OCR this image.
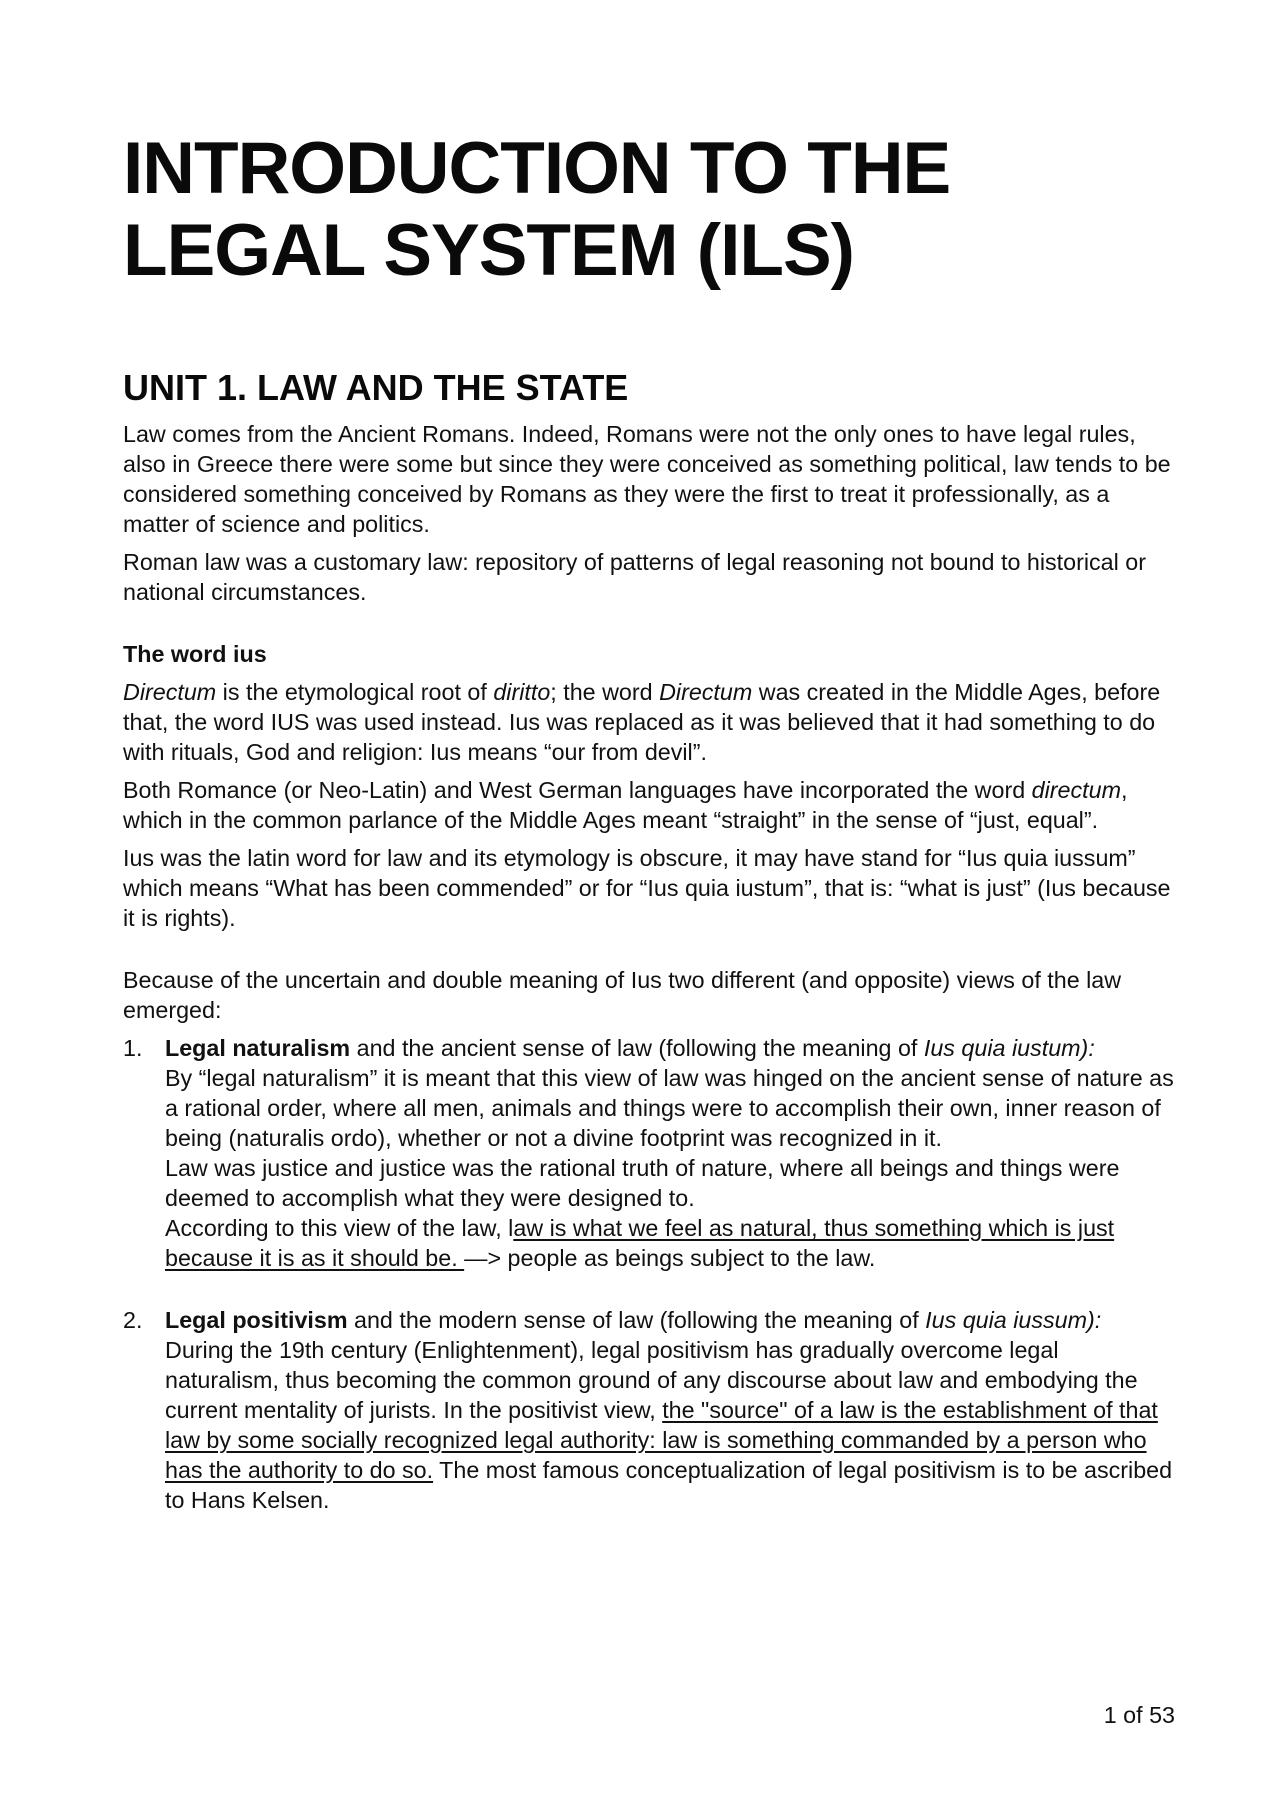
INTRODUCTION TO THE LEGAL SYSTEM (ILS)
UNIT 1. LAW AND THE STATE

Law comes from the Ancient Romans. Indeed, Romans were not the only ones to have legal rules, also in Greece there were some but since they were conceived as something political, law tends to be considered something conceived by Romans as they were the first to treat it professionally, as a matter of science and politics.

Roman law was a customary law: repository of patterns of legal reasoning not bound to historical or national circumstances.

The word ius

Directum is the etymological root of diritto; the word Directum was created in the Middle Ages, before that, the word IUS was used instead. Ius was replaced as it was believed that it had something to do with rituals, God and religion: Ius means “our from devil”.

Both Romance (or Neo-Latin) and West German languages have incorporated the word directum, which in the common parlance of the Middle Ages meant “straight” in the sense of “just, equal”.

Ius was the latin word for law and its etymology is obscure, it may have stand for “Ius quia iussum” which means “What has been commended” or for “Ius quia iustum”, that is: “what is just” (Ius because it is rights).

Because of the uncertain and double meaning of Ius two different (and opposite) views of the law emerged:

1. Legal naturalism and the ancient sense of law (following the meaning of Ius quia iustum):
By “legal naturalism” it is meant that this view of law was hinged on the ancient sense of nature as a rational order, where all men, animals and things were to accomplish their own, inner reason of being (naturalis ordo), whether or not a divine footprint was recognized in it.
Law was justice and justice was the rational truth of nature, where all beings and things were deemed to accomplish what they were designed to.
According to this view of the law, law is what we feel as natural, thus something which is just because it is as it should be. —> people as beings subject to the law.
2. Legal positivism and the modern sense of law (following the meaning of Ius quia iussum):
During the 19th century (Enlightenment), legal positivism has gradually overcome legal naturalism, thus becoming the common ground of any discourse about law and embodying the current mentality of jurists. In the positivist view, the "source" of a law is the establishment of that law by some socially recognized legal authority: law is something commanded by a person who has the authority to do so. The most famous conceptualization of legal positivism is to be ascribed to Hans Kelsen.
1 of 53
